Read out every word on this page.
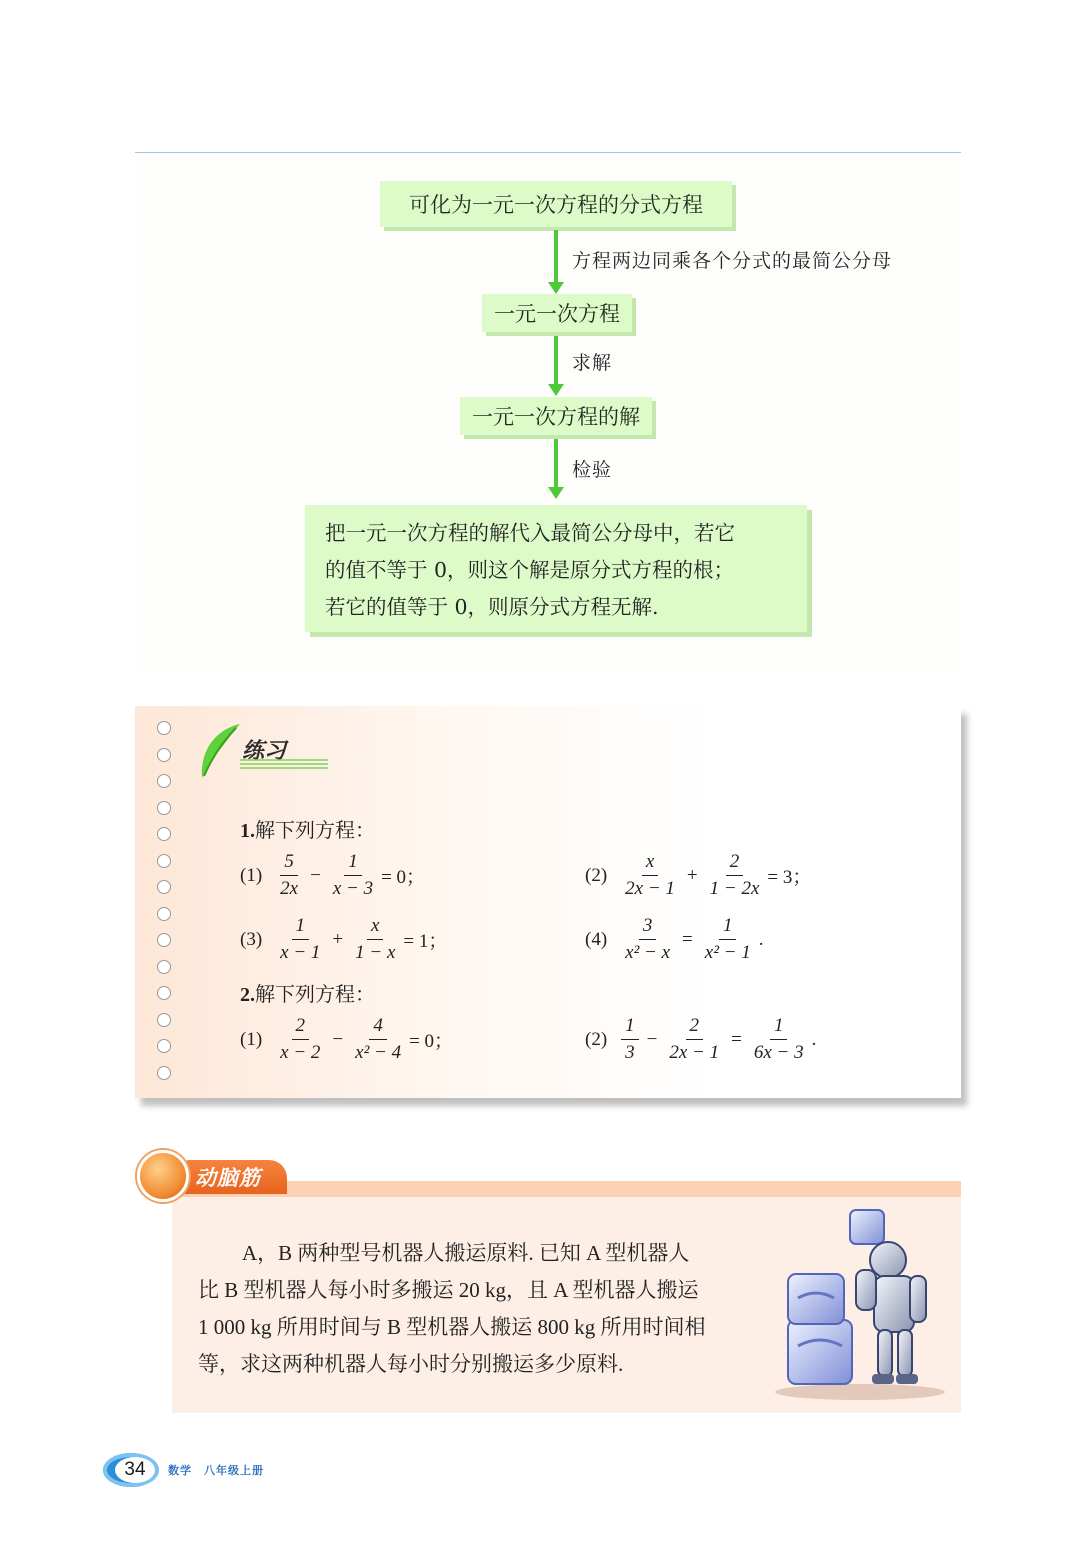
可化为一元一次方程的分式方程
方程两边同乘各个分式的最简公分母
一元一次方程
求解
一元一次方程的解
检验
把一元一次方程的解代入最简公分母中，若它
的值不等于 0，则这个解是原分式方程的根；
若它的值等于 0，则原分式方程无解.
练习
1.解下列方程：
$(1) \frac{5}{2x} - \frac{1}{x - 3} = 0$；	$(2) \frac{x}{2x - 1} + \frac{2}{1 - 2x} = 3$；
$(3) \frac{1}{x - 1} + \frac{x}{1 - x} = 1$；	$(4) \frac{3}{\text{x² − x}} = \frac{1}{\text{x² − 1}}$ .
2.解下列方程：
$(1) \frac{2}{x - 2} - \frac{4}{\text{x² − 4}} = 0$；	$(2) \frac{1}{3} - \frac{2}{2x - 1} = \frac{1}{6x - 3}$ .
动脑筋
A，B 两种型号机器人搬运原料. 已知 A 型机器人
比 B 型机器人每小时多搬运 20 kg，且 A 型机器人搬运
1 000 kg 所用时间与 B 型机器人搬运 800 kg 所用时间相
等，求这两种机器人每小时分别搬运多少原料.
34	数学　八年级上册
